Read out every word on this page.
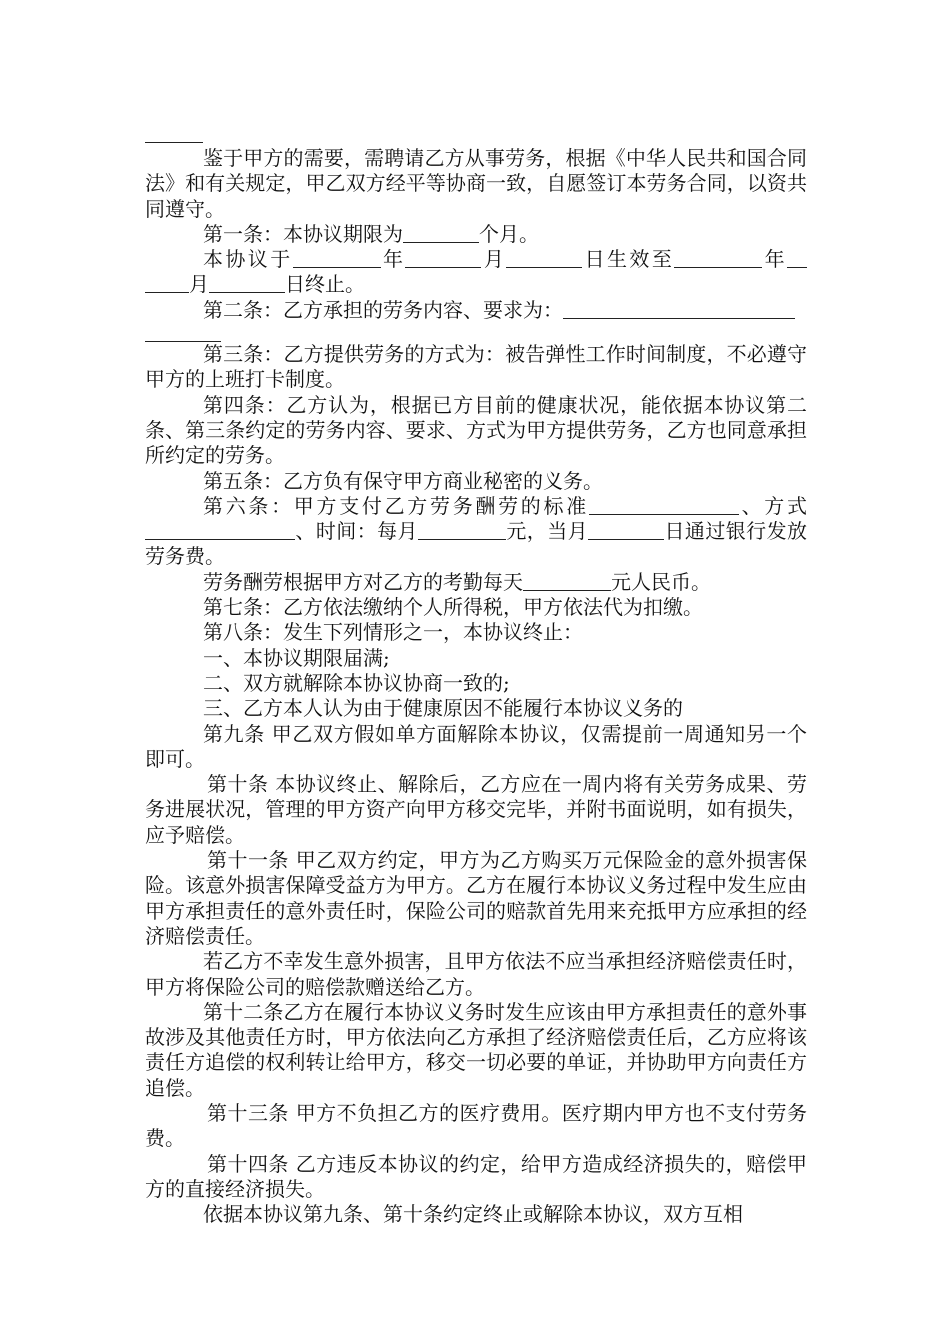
鉴于甲方的需要，需聘请乙方从事劳务，根据《中华人民共和国合同法》和有关规定，甲乙双方经平等协商一致，自愿签订本劳务合同，以资共同遵守。

第一条：本协议期限为	个月。

本协议于	年	月	日生效至	年月	日终止。

第二条：乙方承担的劳务内容、要求为：

第三条：乙方提供劳务的方式为：被告弹性工作时间制度，不必遵守甲方的上班打卡制度。

第四条：乙方认为，根据已方目前的健康状况，能依据本协议第二条、第三条约定的劳务内容、要求、方式为甲方提供劳务，乙方也同意承担所约定的劳务。

第五条：乙方负有保守甲方商业秘密的义务。

第六条：甲方支付乙方劳务酬劳的标准	、方式、时间：每月	元，当月	日通过银行发放劳务费。

劳务酬劳根据甲方对乙方的考勤每天	元人民币。

第七条：乙方依法缴纳个人所得税，甲方依法代为扣缴。

第八条：发生下列情形之一，本协议终止：

一、本协议期限届满;

二、双方就解除本协议协商一致的;

三、乙方本人认为由于健康原因不能履行本协议义务的

第九条 甲乙双方假如单方面解除本协议，仅需提前一周通知另一个即可。

第十条 本协议终止、解除后，乙方应在一周内将有关劳务成果、劳务进展状况，管理的甲方资产向甲方移交完毕，并附书面说明，如有损失，应予赔偿。

第十一条 甲乙双方约定，甲方为乙方购买万元保险金的意外损害保险。该意外损害保障受益方为甲方。乙方在履行本协议义务过程中发生应由甲方承担责任的意外责任时，保险公司的赔款首先用来充抵甲方应承担的经济赔偿责任。

若乙方不幸发生意外损害，且甲方依法不应当承担经济赔偿责任时，甲方将保险公司的赔偿款赠送给乙方。

第十二条乙方在履行本协议义务时发生应该由甲方承担责任的意外事故涉及其他责任方时，甲方依法向乙方承担了经济赔偿责任后，乙方应将该责任方追偿的权利转让给甲方，移交一切必要的单证，并协助甲方向责任方追偿。

第十三条 甲方不负担乙方的医疗费用。医疗期内甲方也不支付劳务费。

第十四条 乙方违反本协议的约定，给甲方造成经济损失的，赔偿甲方的直接经济损失。

依据本协议第九条、第十条约定终止或解除本协议，双方互相
